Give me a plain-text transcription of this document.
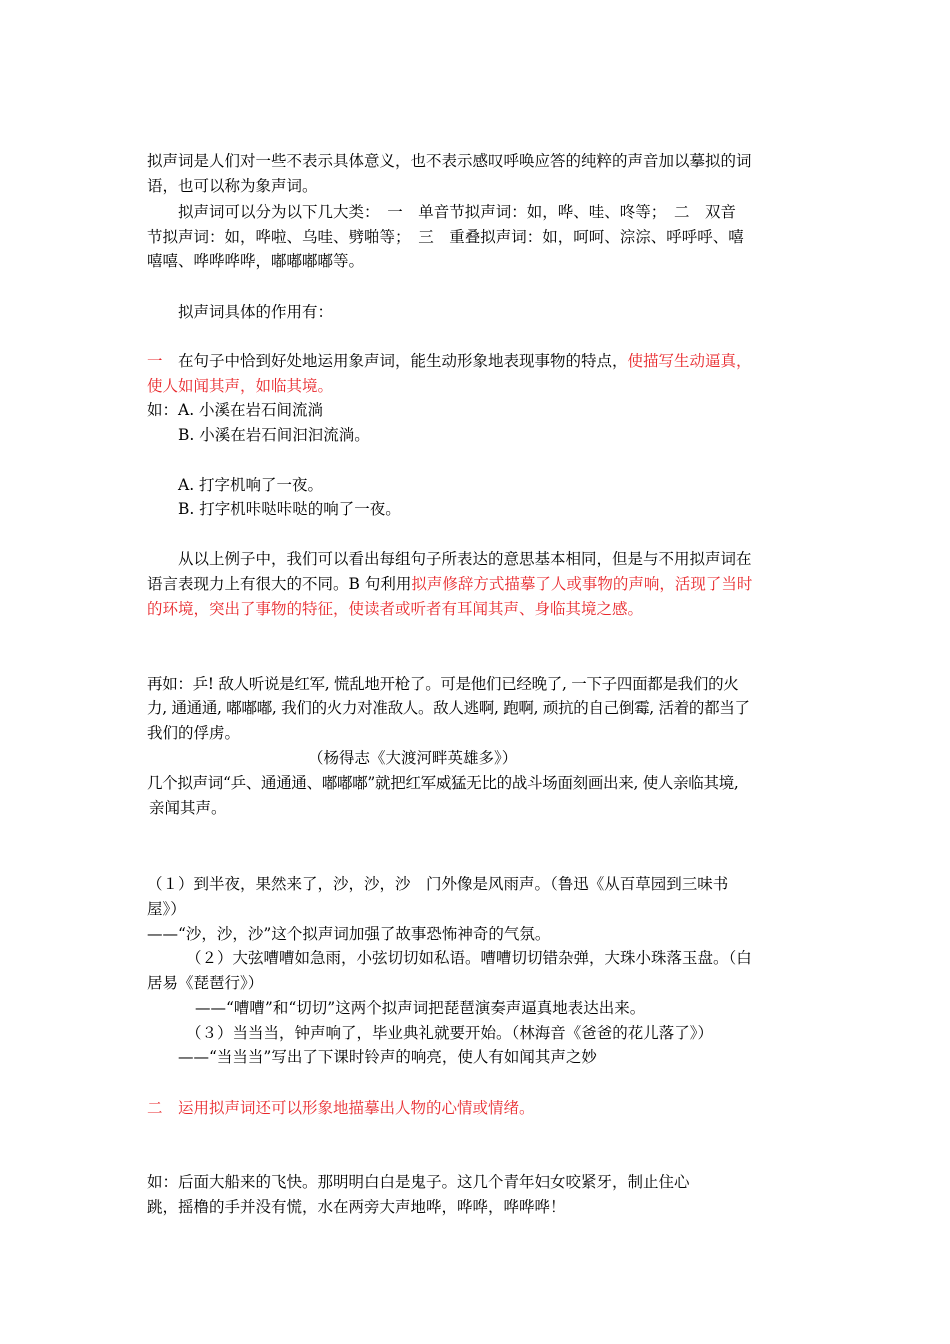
拟声词是人们对一些不表示具体意义，也不表示感叹呼唤应答的纯粹的声音加以摹拟的词
语，也可以称为象声词。
拟声词可以分为以下几大类：　一　单音节拟声词：如，哗、哇、咚等；　二　双音
节拟声词：如，哗啦、乌哇、劈啪等；　三　重叠拟声词：如，呵呵、淙淙、呼呼呼、嘻
嘻嘻、哗哗哗哗，嘟嘟嘟嘟等。
拟声词具体的作用有：
一 在句子中恰到好处地运用象声词，能生动形象地表现事物的特点，使描写生动逼真，
使人如闻其声，如临其境。
如：A. 小溪在岩石间流淌
B. 小溪在岩石间汩汩流淌。
A. 打字机响了一夜。
B. 打字机咔哒咔哒的响了一夜。
从以上例子中，我们可以看出每组句子所表达的意思基本相同，但是与不用拟声词在
语言表现力上有很大的不同。B 句利用拟声修辞方式描摹了人或事物的声响，活现了当时
的环境，突出了事物的特征，使读者或听者有耳闻其声、身临其境之感。
再如：乒! 敌人听说是红军, 慌乱地开枪了。可是他们已经晚了, 一下子四面都是我们的火
力, 通通通, 嘟嘟嘟, 我们的火力对准敌人。敌人逃啊, 跑啊, 顽抗的自己倒霉, 活着的都当了
我们的俘虏。
（杨得志《大渡河畔英雄多》）
几个拟声词“乒、通通通、嘟嘟嘟”就把红军威猛无比的战斗场面刻画出来, 使人亲临其境,
亲闻其声。
（１）到半夜，果然来了，沙，沙，沙　门外像是风雨声。（鲁迅《从百草园到三味书
屋》）
——“沙，沙，沙”这个拟声词加强了故事恐怖神奇的气氛。
（２）大弦嘈嘈如急雨，小弦切切如私语。嘈嘈切切错杂弹，大珠小珠落玉盘。（白
居易《琵琶行》）
——“嘈嘈”和“切切”这两个拟声词把琵琶演奏声逼真地表达出来。
（３）当当当，钟声响了，毕业典礼就要开始。（林海音《爸爸的花儿落了》）
——“当当当”写出了下课时铃声的响亮，使人有如闻其声之妙
二　运用拟声词还可以形象地描摹出人物的心情或情绪。
如：后面大船来的飞快。那明明白白是鬼子。这几个青年妇女咬紧牙，制止住心
跳，摇橹的手并没有慌，水在两旁大声地哗，哗哗，哗哗哗！
